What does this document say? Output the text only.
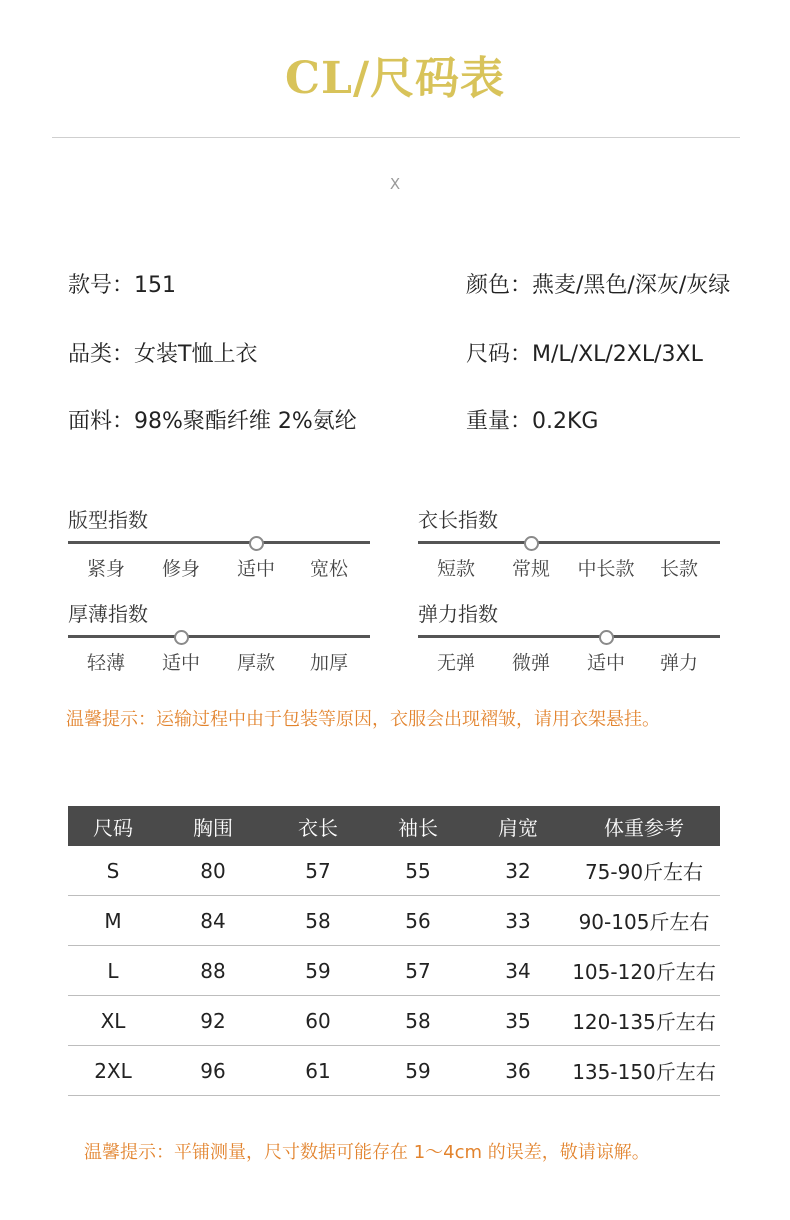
CL/尺码表
X
款号：151	颜色：燕麦/黑色/深灰/灰绿
品类：女装T恤上衣	尺码：M/L/XL/2XL/3XL
面料：98%聚酯纤维 2%氨纶	重量：0.2KG
版型指数
紧身 修身 适中 宽松
衣长指数
短款 常规 中长款 长款
厚薄指数
轻薄 适中 厚款 加厚
弹力指数
无弹 微弹 适中 弹力
温馨提示：运输过程中由于包装等原因，衣服会出现褶皱，请用衣架悬挂。
尺码	胸围	衣长	袖长	肩宽	体重参考
S	80	57	55	32	75-90斤左右
M	84	58	56	33	90-105斤左右
L	88	59	57	34	105-120斤左右
XL	92	60	58	35	120-135斤左右
2XL	96	61	59	36	135-150斤左右
温馨提示：平铺测量，尺寸数据可能存在 1～4cm 的误差，敬请谅解。
